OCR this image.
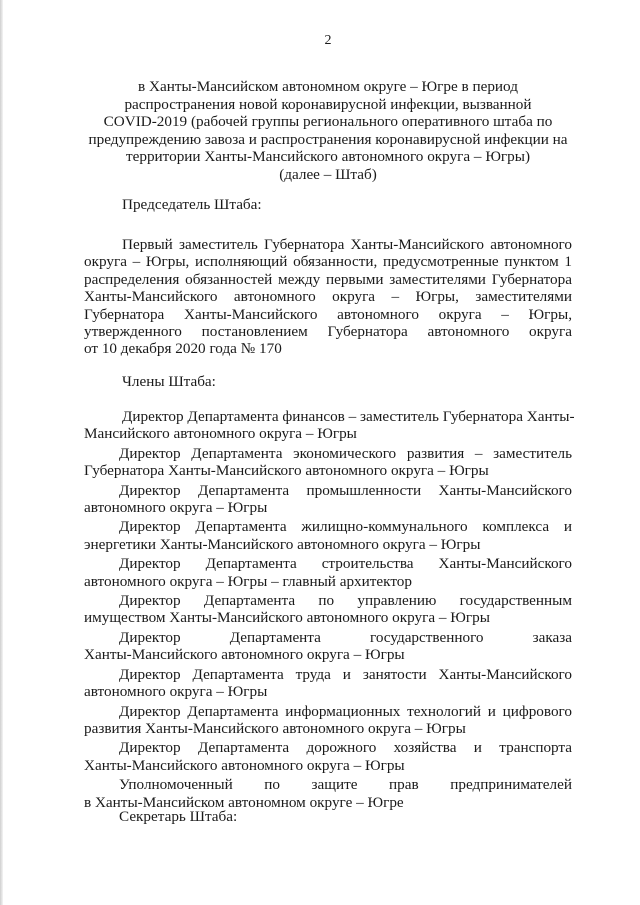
2
в Ханты-Мансийском автономном округе – Югре в период
распространения новой коронавирусной инфекции, вызванной
COVID-2019 (рабочей группы регионального оперативного штаба по
предупреждению завоза и распространения коронавирусной инфекции на
территории Ханты-Мансийского автономного округа – Югры)
(далее – Штаб)
Председатель Штаба:
Первый заместитель Губернатора Ханты-Мансийского автономного
округа – Югры, исполняющий обязанности, предусмотренные пунктом 1
распределения обязанностей между первыми заместителями Губернатора
Ханты-Мансийского автономного округа – Югры, заместителями
Губернатора Ханты-Мансийского автономного округа – Югры,
утвержденного постановлением Губернатора автономного округа
от 10 декабря 2020 года № 170
Члены Штаба:
Директор Департамента финансов – заместитель Губернатора Ханты-
Мансийского автономного округа – Югры
Директор Департамента экономического развития – заместитель
Губернатора Ханты-Мансийского автономного округа – Югры
Директор Департамента промышленности Ханты-Мансийского
автономного округа – Югры
Директор Департамента жилищно-коммунального комплекса и
энергетики Ханты-Мансийского автономного округа – Югры
Директор Департамента строительства Ханты-Мансийского
автономного округа – Югры – главный архитектор
Директор Департамента по управлению государственным
имуществом Ханты-Мансийского автономного округа – Югры
Директор Департамента государственного заказа
Ханты-Мансийского автономного округа – Югры
Директор Департамента труда и занятости Ханты-Мансийского
автономного округа – Югры
Директор Департамента информационных технологий и цифрового
развития Ханты-Мансийского автономного округа – Югры
Директор Департамента дорожного хозяйства и транспорта
Ханты-Мансийского автономного округа – Югры
Уполномоченный по защите прав предпринимателей
в Ханты-Мансийском автономном округе – Югре
Секретарь Штаба:
